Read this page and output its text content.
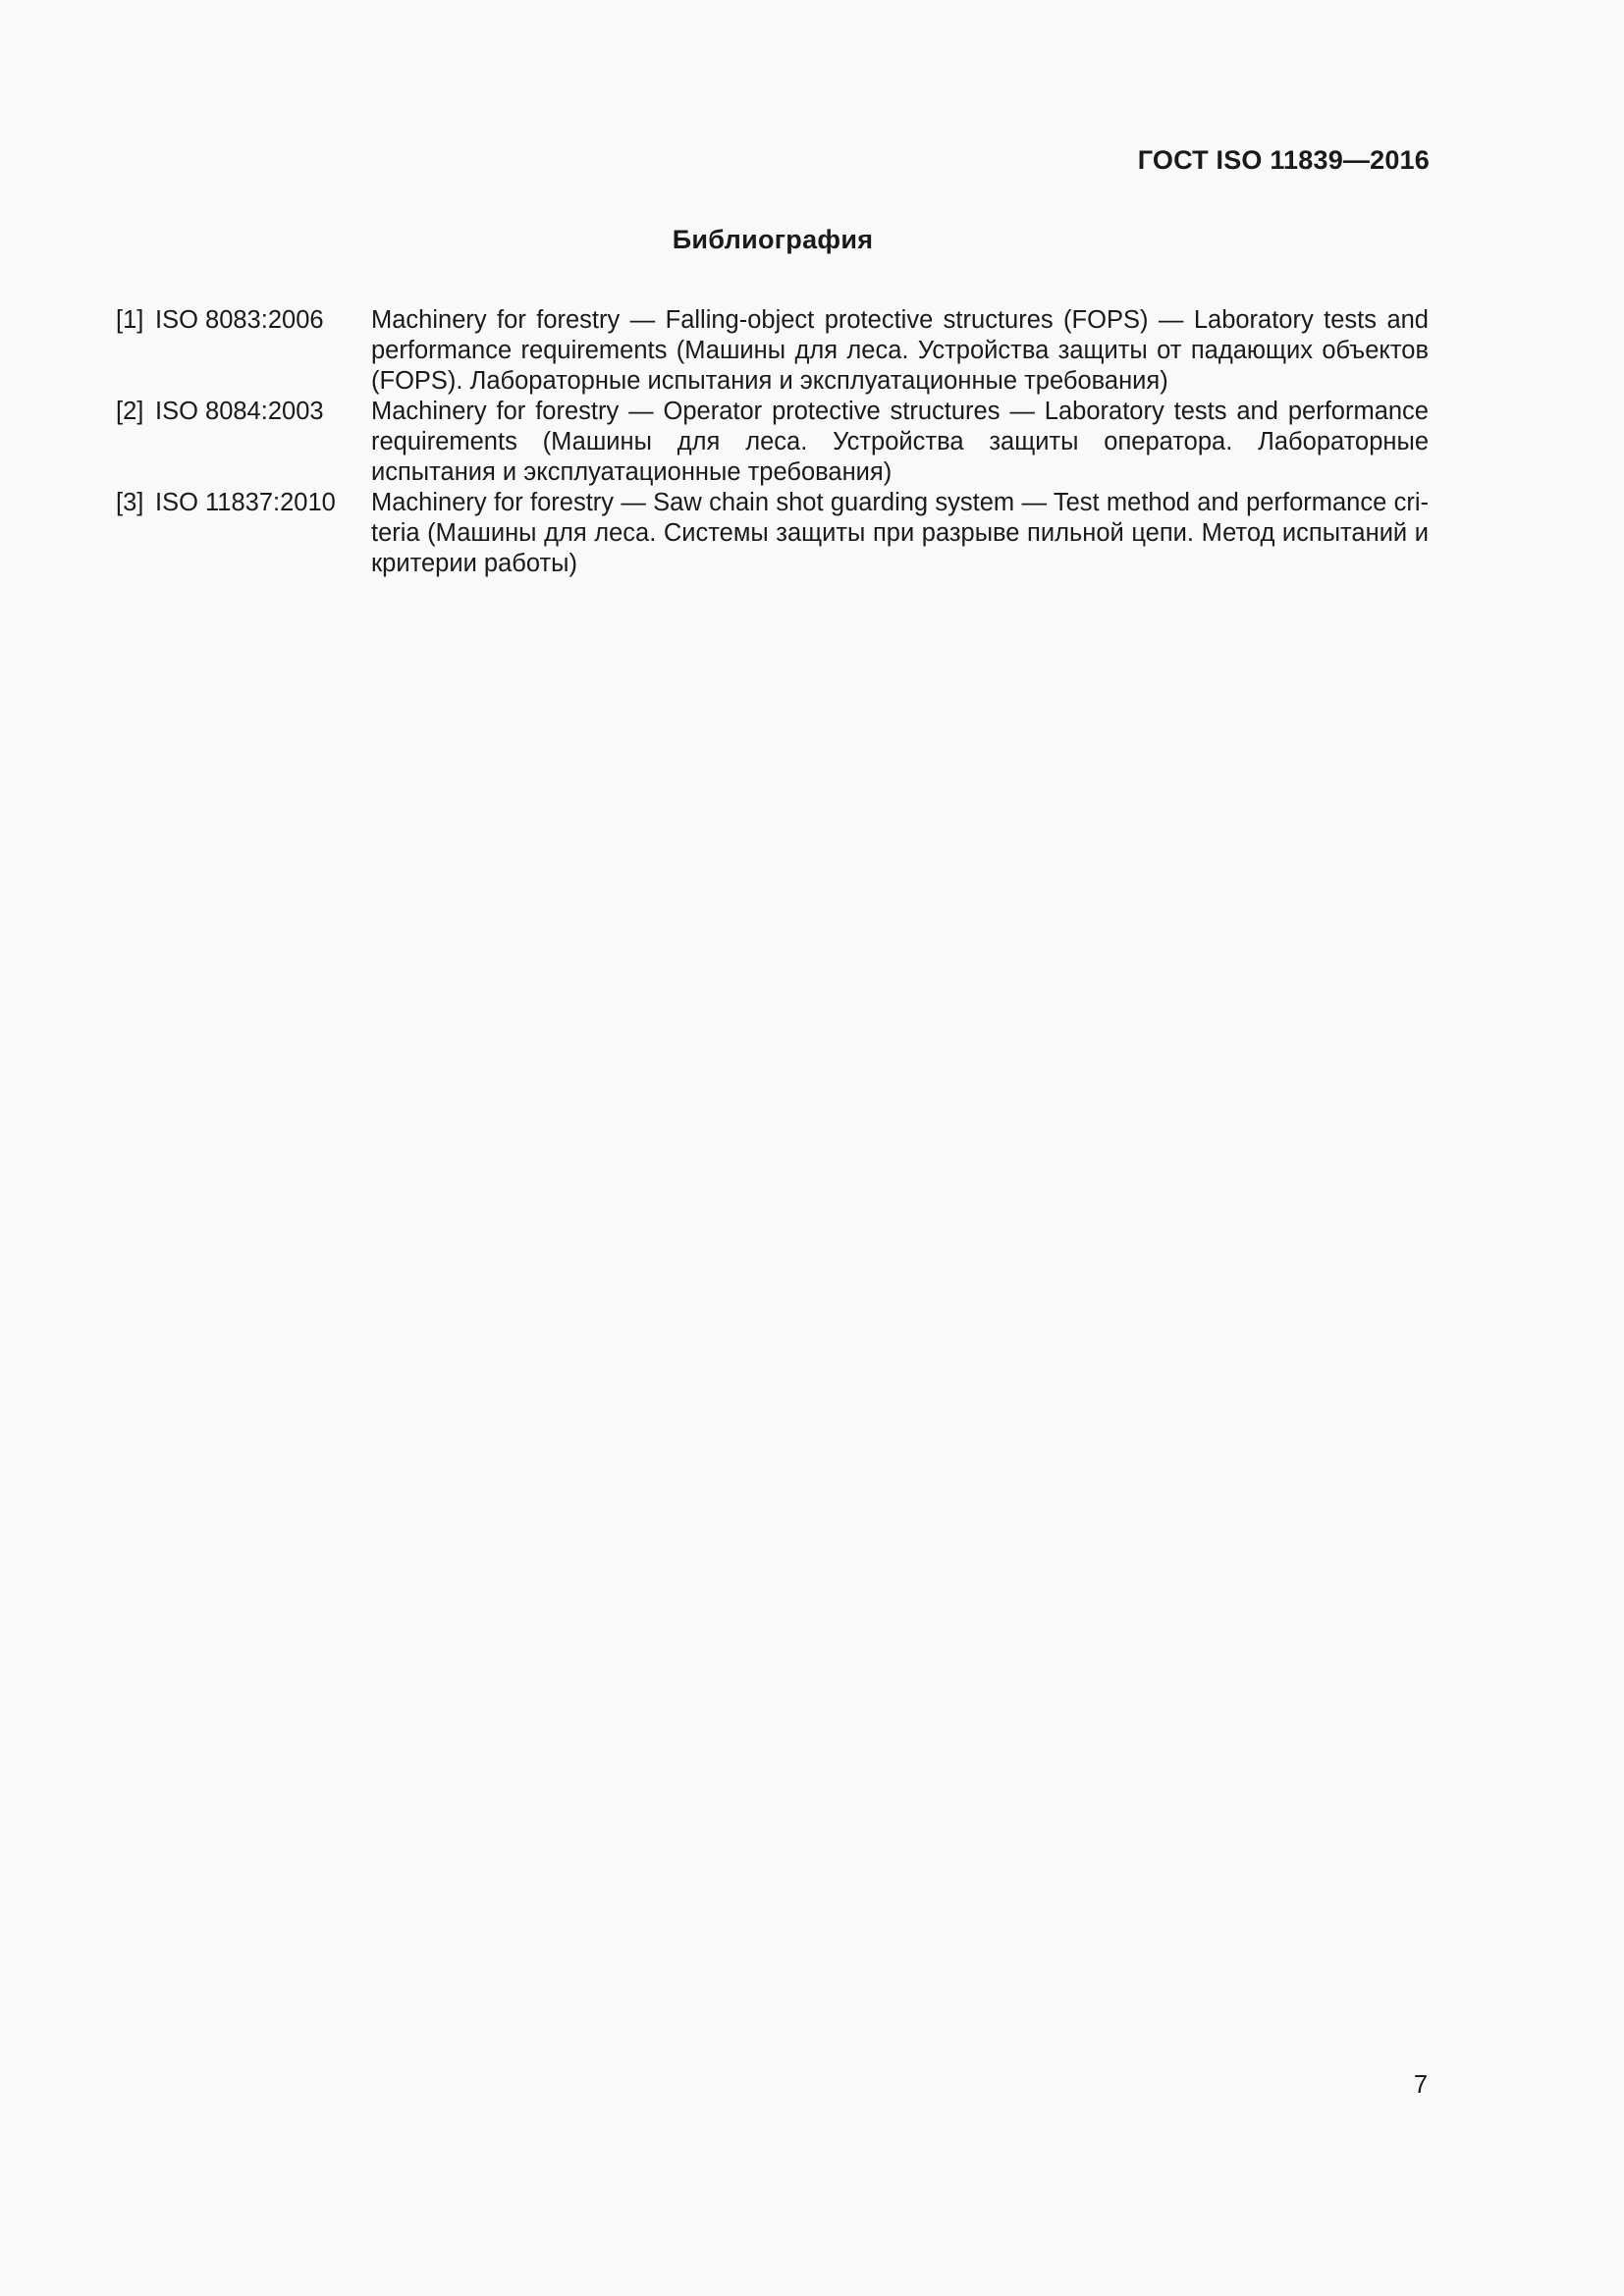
ГОСТ ISO 11839—2016
Библиография
[1] ISO 8083:2006	Machinery for forestry — Falling-object protective structures (FOPS) — Laboratory tests and performance requirements (Машины для леса. Устройства защиты от падающих объектов (FOPS). Лабораторные испытания и эксплуатационные требования)
[2] ISO 8084:2003	Machinery for forestry — Operator protective structures — Laboratory tests and performance requirements (Машины для леса. Устройства защиты оператора. Лабораторные испытания и эксплуатационные требования)
[3] ISO 11837:2010	Machinery for forestry — Saw chain shot guarding system — Test method and performance criteria (Машины для леса. Системы защиты при разрыве пильной цепи. Метод испытаний и критерии работы)
7
